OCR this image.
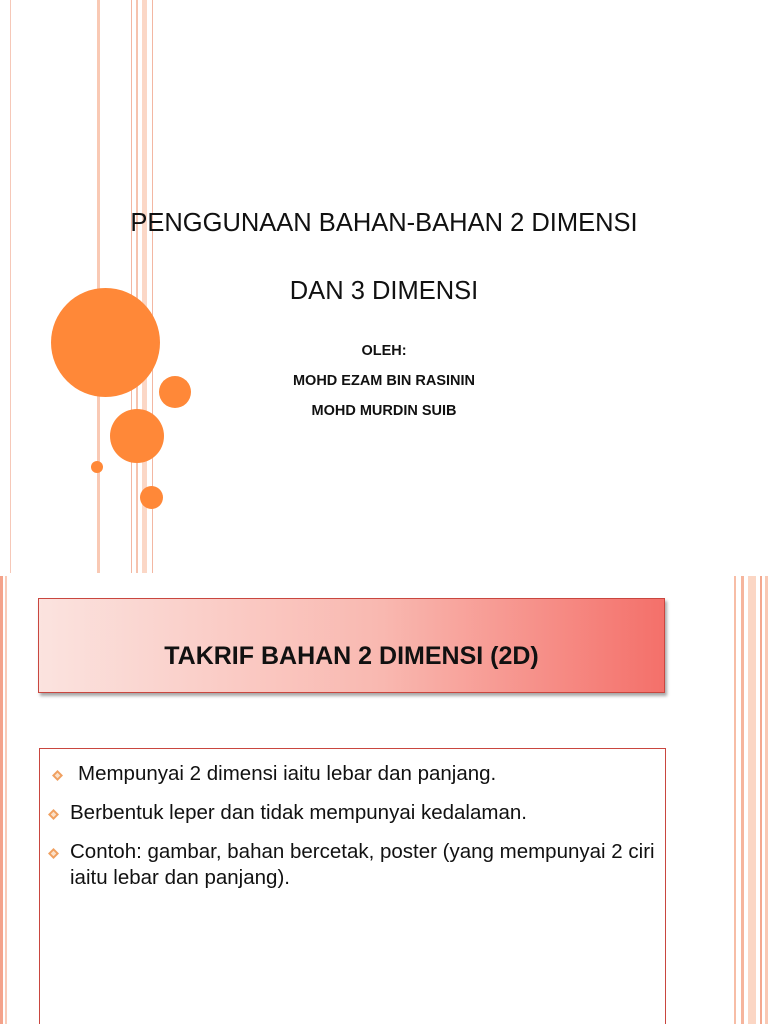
PENGGUNAAN BAHAN-BAHAN 2 DIMENSI

DAN 3 DIMENSI

OLEH:
MOHD EZAM BIN RASININ
MOHD MURDIN SUIB
TAKRIF BAHAN 2 DIMENSI (2D)
Mempunyai 2 dimensi iaitu lebar dan panjang.
Berbentuk leper dan tidak mempunyai kedalaman.
Contoh: gambar, bahan bercetak, poster (yang mempunyai 2 ciri iaitu lebar dan panjang).
